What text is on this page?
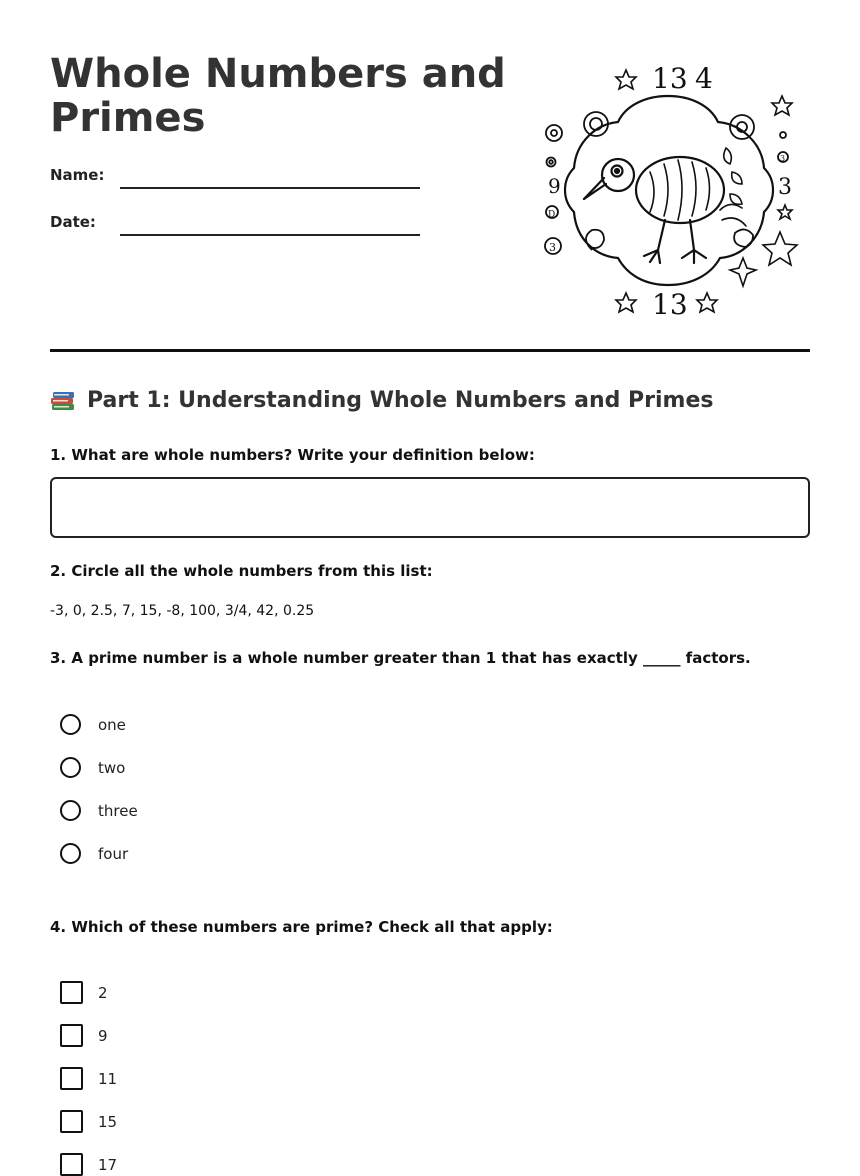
Whole Numbers and
Primes
Name:
Date:
13 4
3
13
9
D
3
3
Part 1: Understanding Whole Numbers and Primes

1. What are whole numbers? Write your definition below:

2. Circle all the whole numbers from this list:

-3, 0, 2.5, 7, 15, -8, 100, 3/4, 42, 0.25

3. A prime number is a whole number greater than 1 that has exactly _____ factors.

one
two
three
four

4. Which of these numbers are prime? Check all that apply:

2
9
11
15
17
